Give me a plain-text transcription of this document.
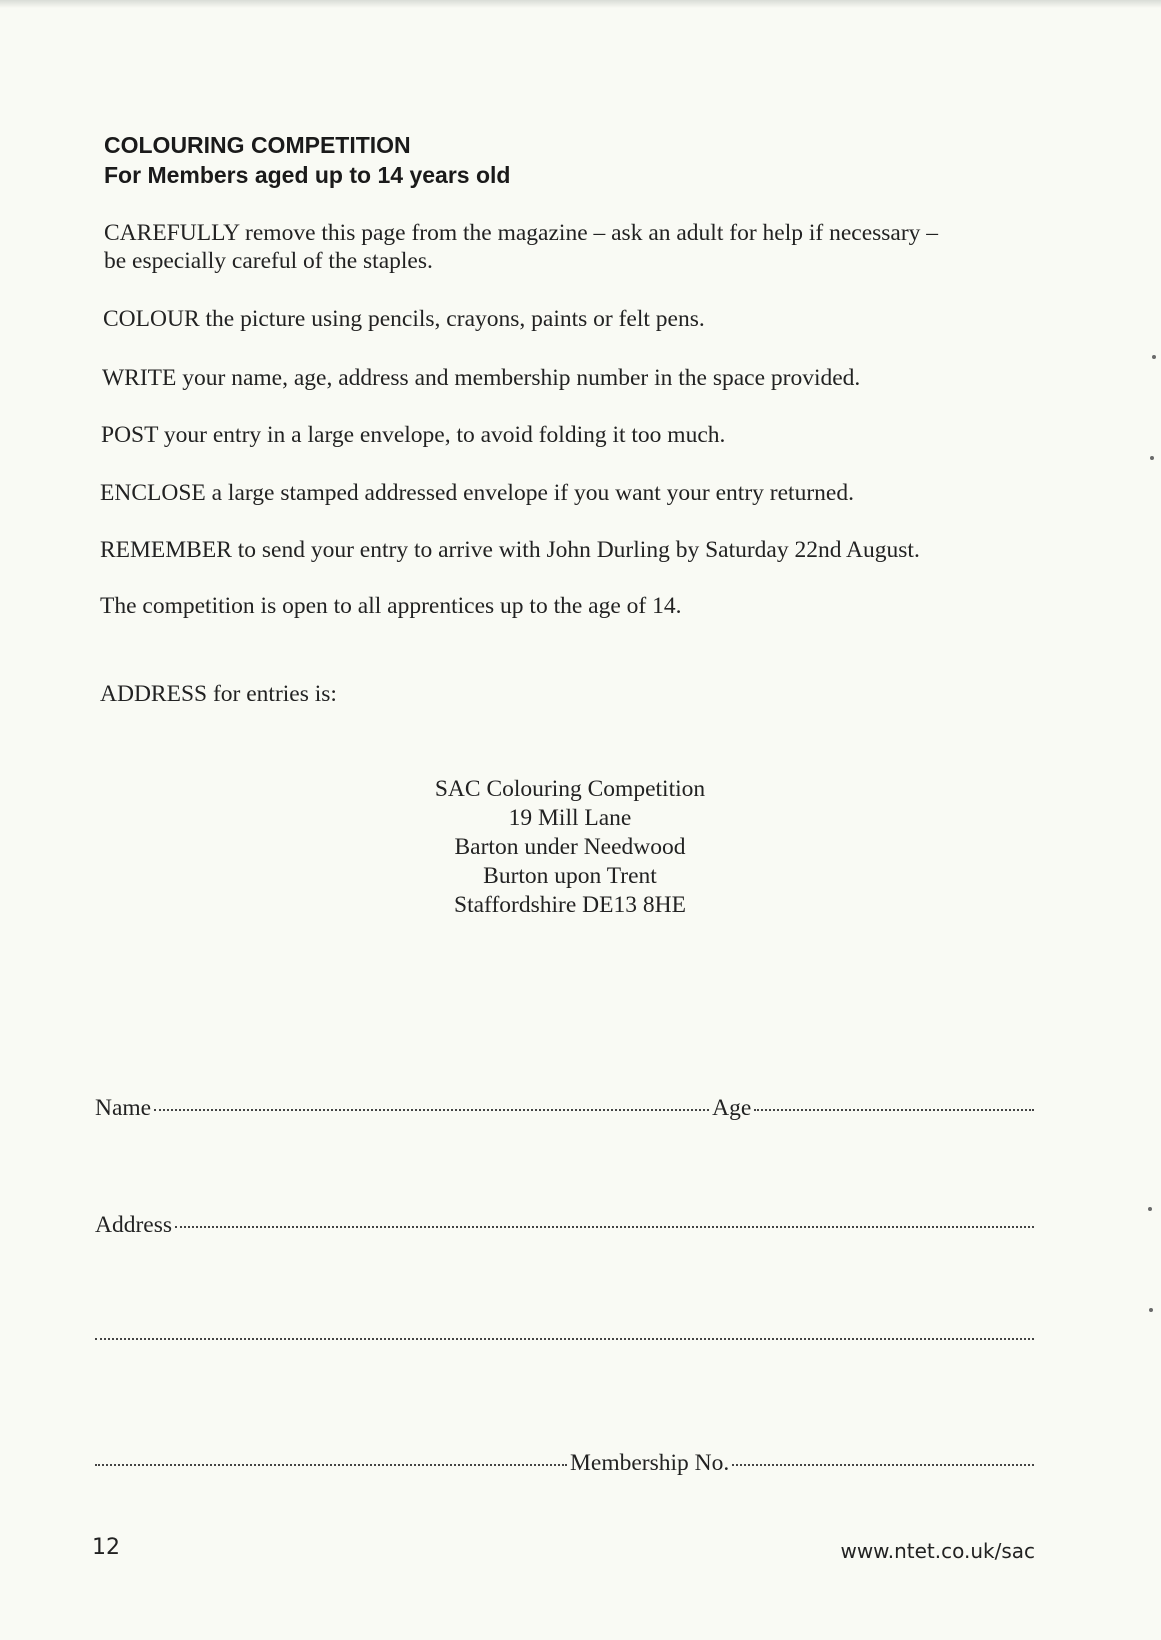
COLOURING COMPETITION
For Members aged up to 14 years old
CAREFULLY remove this page from the magazine – ask an adult for help if necessary –
be especially careful of the staples.
COLOUR the picture using pencils, crayons, paints or felt pens.
WRITE your name, age, address and membership number in the space provided.
POST your entry in a large envelope, to avoid folding it too much.
ENCLOSE a large stamped addressed envelope if you want your entry returned.
REMEMBER to send your entry to arrive with John Durling by Saturday 22nd August.
The competition is open to all apprentices up to the age of 14.
ADDRESS for entries is:
SAC Colouring Competition
19 Mill Lane
Barton under Needwood
Burton upon Trent
Staffordshire DE13 8HE
Name	Age
Address
Membership No.
12	www.ntet.co.uk/sac
